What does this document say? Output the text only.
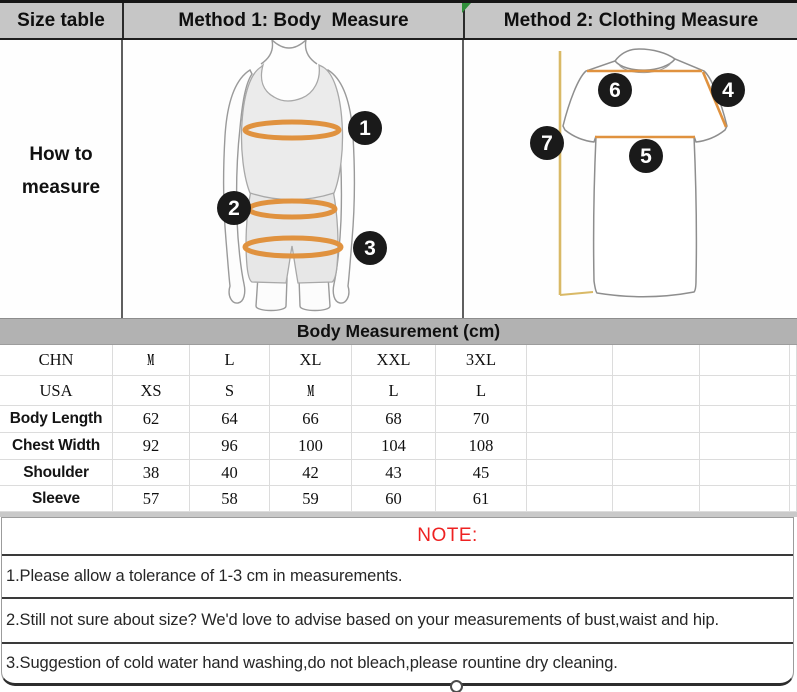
Size table	Method 1: Body  Measure	Method 2: Clothing Measure
How to
measure
1
2
3
6	4
7
5
Body Measurement (cm)
CHN	M	L	XL	XXL	3XL
USA	XS	S	M	L	L
Body Length	62	64	66	68	70
Chest Width	92	96	100	104	108
Shoulder	38	40	42	43	45
Sleeve	57	58	59	60	61
NOTE:
1.Please allow a tolerance of 1-3 cm in measurements.
2.Still not sure about size? We'd love to advise based on your measurements of bust,waist and hip.
3.Suggestion of cold water hand washing,do not bleach,please rountine dry cleaning.
